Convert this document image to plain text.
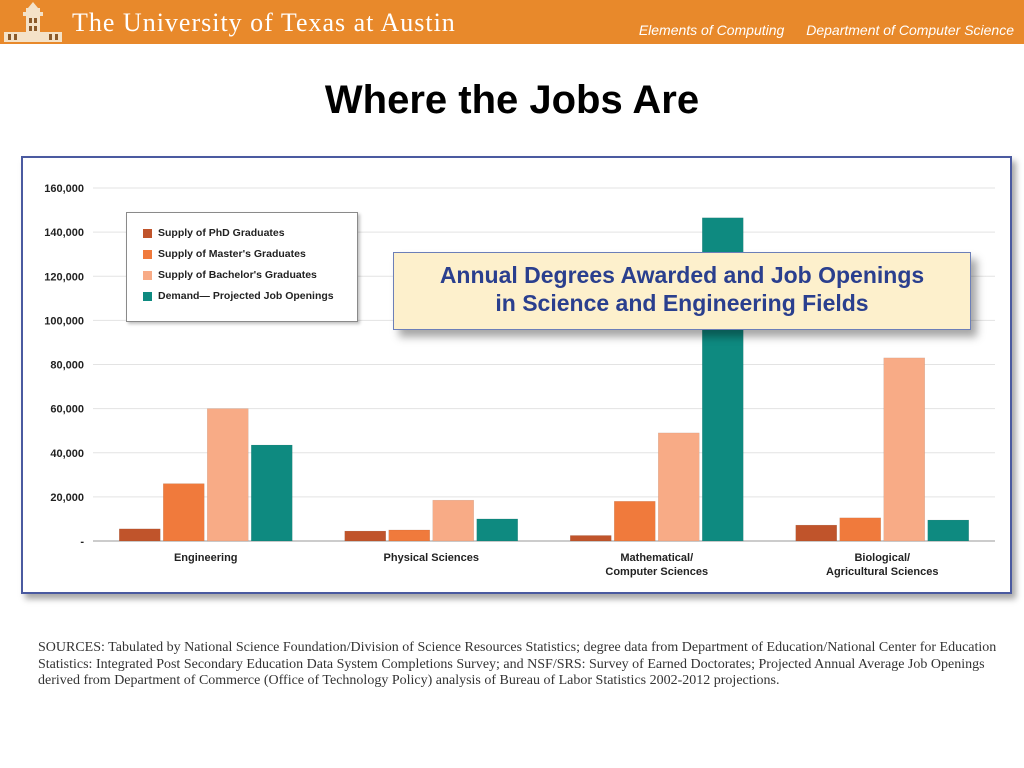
The University of Texas at Austin	Elements of Computing Department of Computer Science
Where the Jobs Are
-
20,000
40,000
60,000
80,000
100,000
120,000
140,000
160,000
Engineering	Physical Sciences	Mathematical/
Computer Sciences
Biological/
Agricultural Sciences
Supply of PhD Graduates
Supply of Master's Graduates
Supply of Bachelor's Graduates
Demand— Projected Job Openings
Annual Degrees Awarded and Job Openings
in Science and Engineering Fields
SOURCES: Tabulated by National Science Foundation/Division of Science Resources Statistics; degree data from Department of Education/National Center for Education Statistics: Integrated Post Secondary Education Data System Completions Survey; and NSF/SRS: Survey of Earned Doctorates; Projected Annual Average Job Openings derived from Department of Commerce (Office of Technology Policy) analysis of Bureau of Labor Statistics 2002-2012 projections.
